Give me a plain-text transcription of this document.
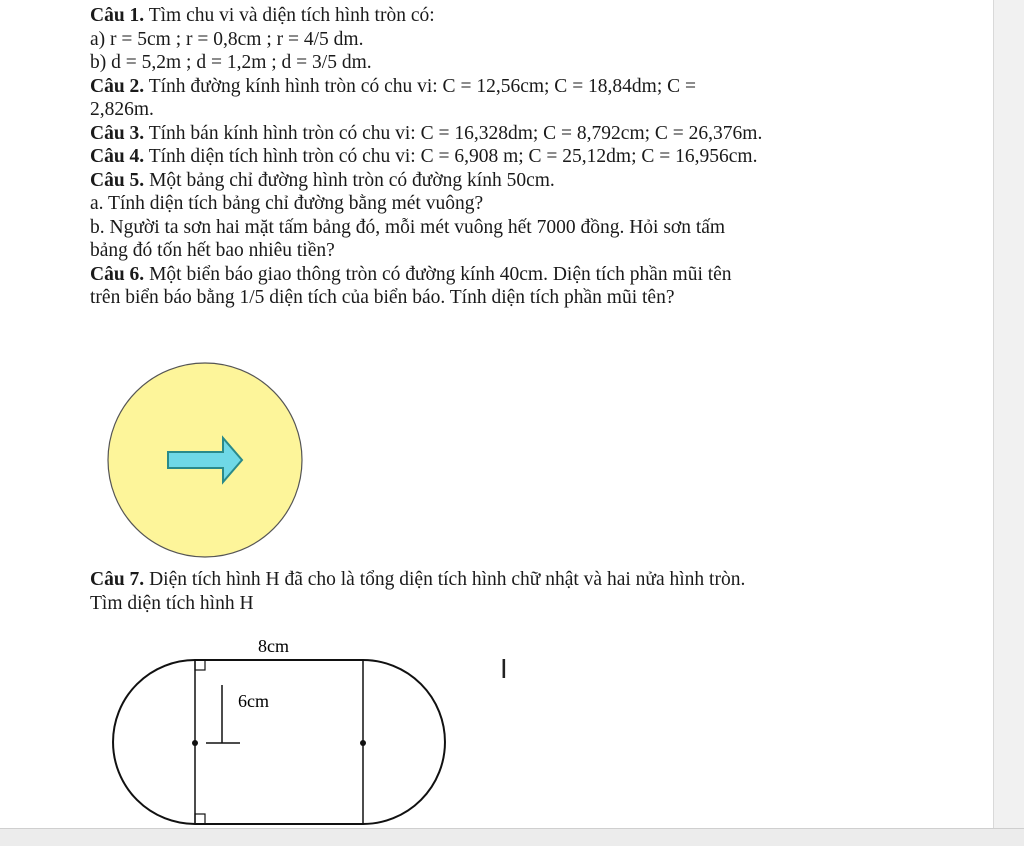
Câu 1. Tìm chu vi và diện tích hình tròn có:
a) r = 5cm ; r = 0,8cm ; r = 4/5 dm.
b) d = 5,2m ; d = 1,2m ; d = 3/5 dm.
Câu 2. Tính đường kính hình tròn có chu vi: C = 12,56cm; C = 18,84dm; C =
2,826m.
Câu 3. Tính bán kính hình tròn có chu vi: C = 16,328dm; C = 8,792cm; C = 26,376m.
Câu 4. Tính diện tích hình tròn có chu vi: C = 6,908 m; C = 25,12dm; C = 16,956cm.
Câu 5. Một bảng chỉ đường hình tròn có đường kính 50cm.
a. Tính diện tích bảng chỉ đường bằng mét vuông?
b. Người ta sơn hai mặt tấm bảng đó, mỗi mét vuông hết 7000 đồng. Hỏi sơn tấm
bảng đó tốn hết bao nhiêu tiền?
Câu 6. Một biển báo giao thông tròn có đường kính 40cm. Diện tích phần mũi tên
trên biển báo bằng 1/5 diện tích của biển báo. Tính diện tích phần mũi tên?
Câu 7. Diện tích hình H đã cho là tổng diện tích hình chữ nhật và hai nửa hình tròn.
Tìm diện tích hình H
8cm
6cm
I
